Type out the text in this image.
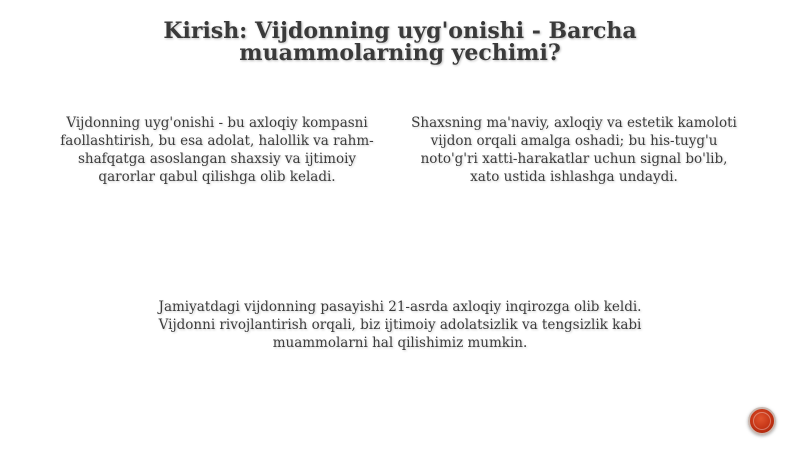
Kirish: Vijdonning uyg'onishi - Barcha muammolarning yechimi?
Vijdonning uyg'onishi - bu axloqiy kompasni faollashtirish, bu esa adolat, halollik va rahm-shafqatga asoslangan shaxsiy va ijtimoiy qarorlar qabul qilishga olib keladi.
Shaxsning ma'naviy, axloqiy va estetik kamoloti vijdon orqali amalga oshadi; bu his-tuyg'u noto'g'ri xatti-harakatlar uchun signal bo'lib, xato ustida ishlashga undaydi.
Jamiyatdagi vijdonning pasayishi 21-asrda axloqiy inqirozga olib keldi. Vijdonni rivojlantirish orqali, biz ijtimoiy adolatsizlik va tengsizlik kabi muammolarni hal qilishimiz mumkin.
